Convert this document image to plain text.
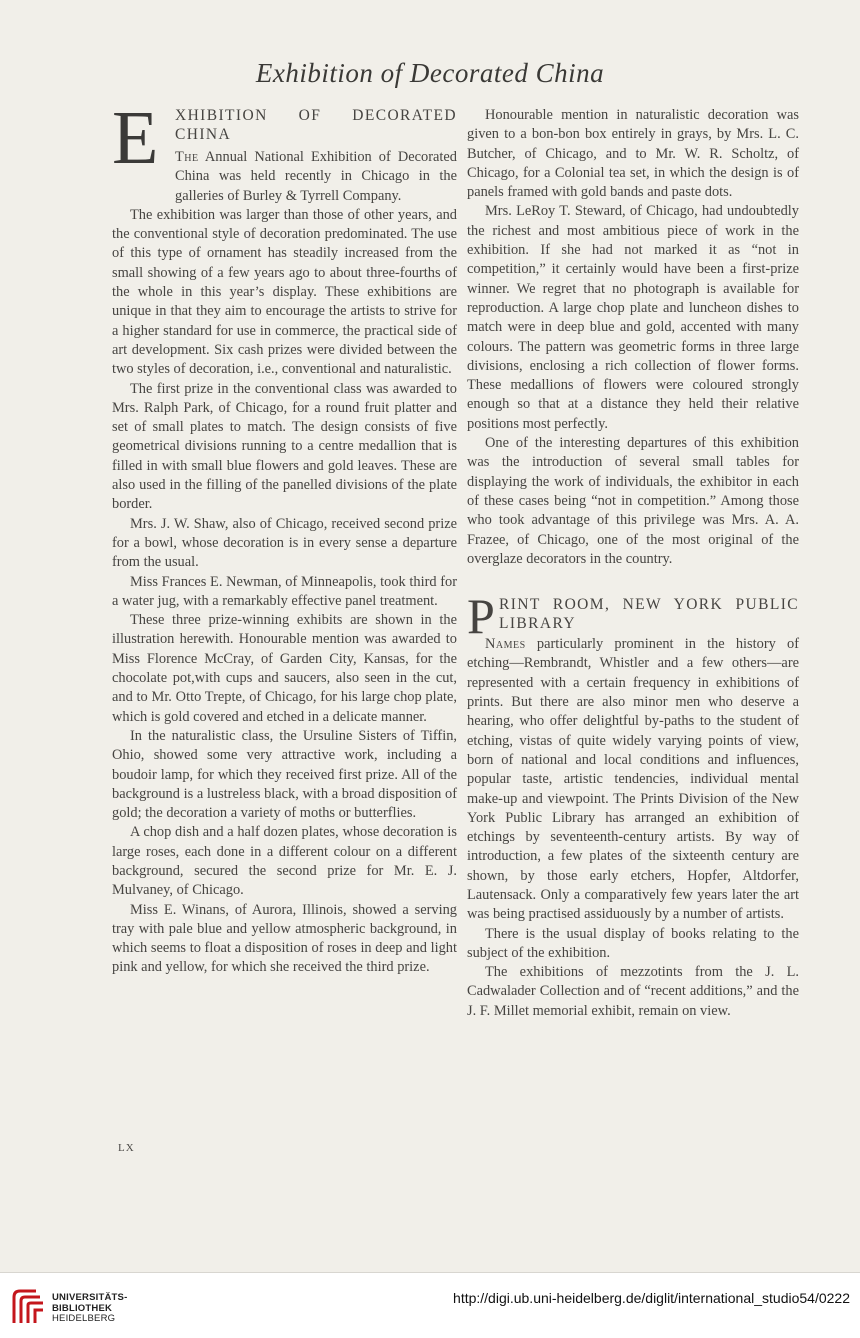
Exhibition of Decorated China
E	XHIBITION OF DECORATED CHINA

The Annual National Exhibition of Decorated China was held recently in Chicago in the galleries of Burley & Tyrrell Company.

The exhibition was larger than those of other years, and the conventional style of decoration predominated. The use of this type of ornament has steadily increased from the small showing of a few years ago to about three-fourths of the whole in this year’s display. These exhibitions are unique in that they aim to encourage the artists to strive for a higher standard for use in commerce, the practical side of art development. Six cash prizes were divided between the two styles of decoration, i.e., conventional and naturalistic.

The first prize in the conventional class was awarded to Mrs. Ralph Park, of Chicago, for a round fruit platter and set of small plates to match. The design consists of five geometrical divisions running to a centre medallion that is filled in with small blue flowers and gold leaves. These are also used in the filling of the panelled divisions of the plate border.

Mrs. J. W. Shaw, also of Chicago, received second prize for a bowl, whose decoration is in every sense a departure from the usual.

Miss Frances E. Newman, of Minneapolis, took third for a water jug, with a remarkably effective panel treatment.

These three prize-winning exhibits are shown in the illustration herewith. Honourable mention was awarded to Miss Florence McCray, of Garden City, Kansas, for the chocolate pot,with cups and saucers, also seen in the cut, and to Mr. Otto Trepte, of Chicago, for his large chop plate, which is gold covered and etched in a delicate manner.

In the naturalistic class, the Ursuline Sisters of Tiffin, Ohio, showed some very attractive work, including a boudoir lamp, for which they received first prize. All of the background is a lustreless black, with a broad disposition of gold; the decoration a variety of moths or butterflies.

A chop dish and a half dozen plates, whose decoration is large roses, each done in a different colour on a different background, secured the second prize for Mr. E. J. Mulvaney, of Chicago.

Miss E. Winans, of Aurora, Illinois, showed a serving tray with pale blue and yellow atmospheric background, in which seems to float a disposition of roses in deep and light pink and yellow, for which she received the third prize.

Honourable mention in naturalistic decoration was given to a bon-bon box entirely in grays, by Mrs. L. C. Butcher, of Chicago, and to Mr. W. R. Scholtz, of Chicago, for a Colonial tea set, in which the design is of panels framed with gold bands and paste dots.

Mrs. LeRoy T. Steward, of Chicago, had undoubtedly the richest and most ambitious piece of work in the exhibition. If she had not marked it as “not in competition,” it certainly would have been a first-prize winner. We regret that no photograph is available for reproduction. A large chop plate and luncheon dishes to match were in deep blue and gold, accented with many colours. The pattern was geometric forms in three large divisions, enclosing a rich collection of flower forms. These medallions of flowers were coloured strongly enough so that at a distance they held their relative positions most perfectly.

One of the interesting departures of this exhibition was the introduction of several small tables for displaying the work of individuals, the exhibitor in each of these cases being “not in competition.” Among those who took advantage of this privilege was Mrs. A. A. Frazee, of Chicago, one of the most original of the overglaze decorators in the country.

P RINT ROOM, NEW YORK PUBLIC LIBRARY

Names particularly prominent in the history of etching—Rembrandt, Whistler and a few others—are represented with a certain frequency in exhibitions of prints. But there are also minor men who deserve a hearing, who offer delightful by-paths to the student of etching, vistas of quite widely varying points of view, born of national and local conditions and influences, popular taste, artistic tendencies, individual mental make-up and viewpoint. The Prints Division of the New York Public Library has arranged an exhibition of etchings by seventeenth-century artists. By way of introduction, a few plates of the sixteenth century are shown, by those early etchers, Hopfer, Altdorfer, Lautensack. Only a comparatively few years later the art was being practised assiduously by a number of artists.

There is the usual display of books relating to the subject of the exhibition.

The exhibitions of mezzotints from the J. L. Cadwalader Collection and of “recent additions,” and the J. F. Millet memorial exhibit, remain on view.

LX
UNIVERSITÄTS-
BIBLIOTHEK
HEIDELBERG
http://digi.ub.uni-heidelberg.de/diglit/international_studio54/0222
